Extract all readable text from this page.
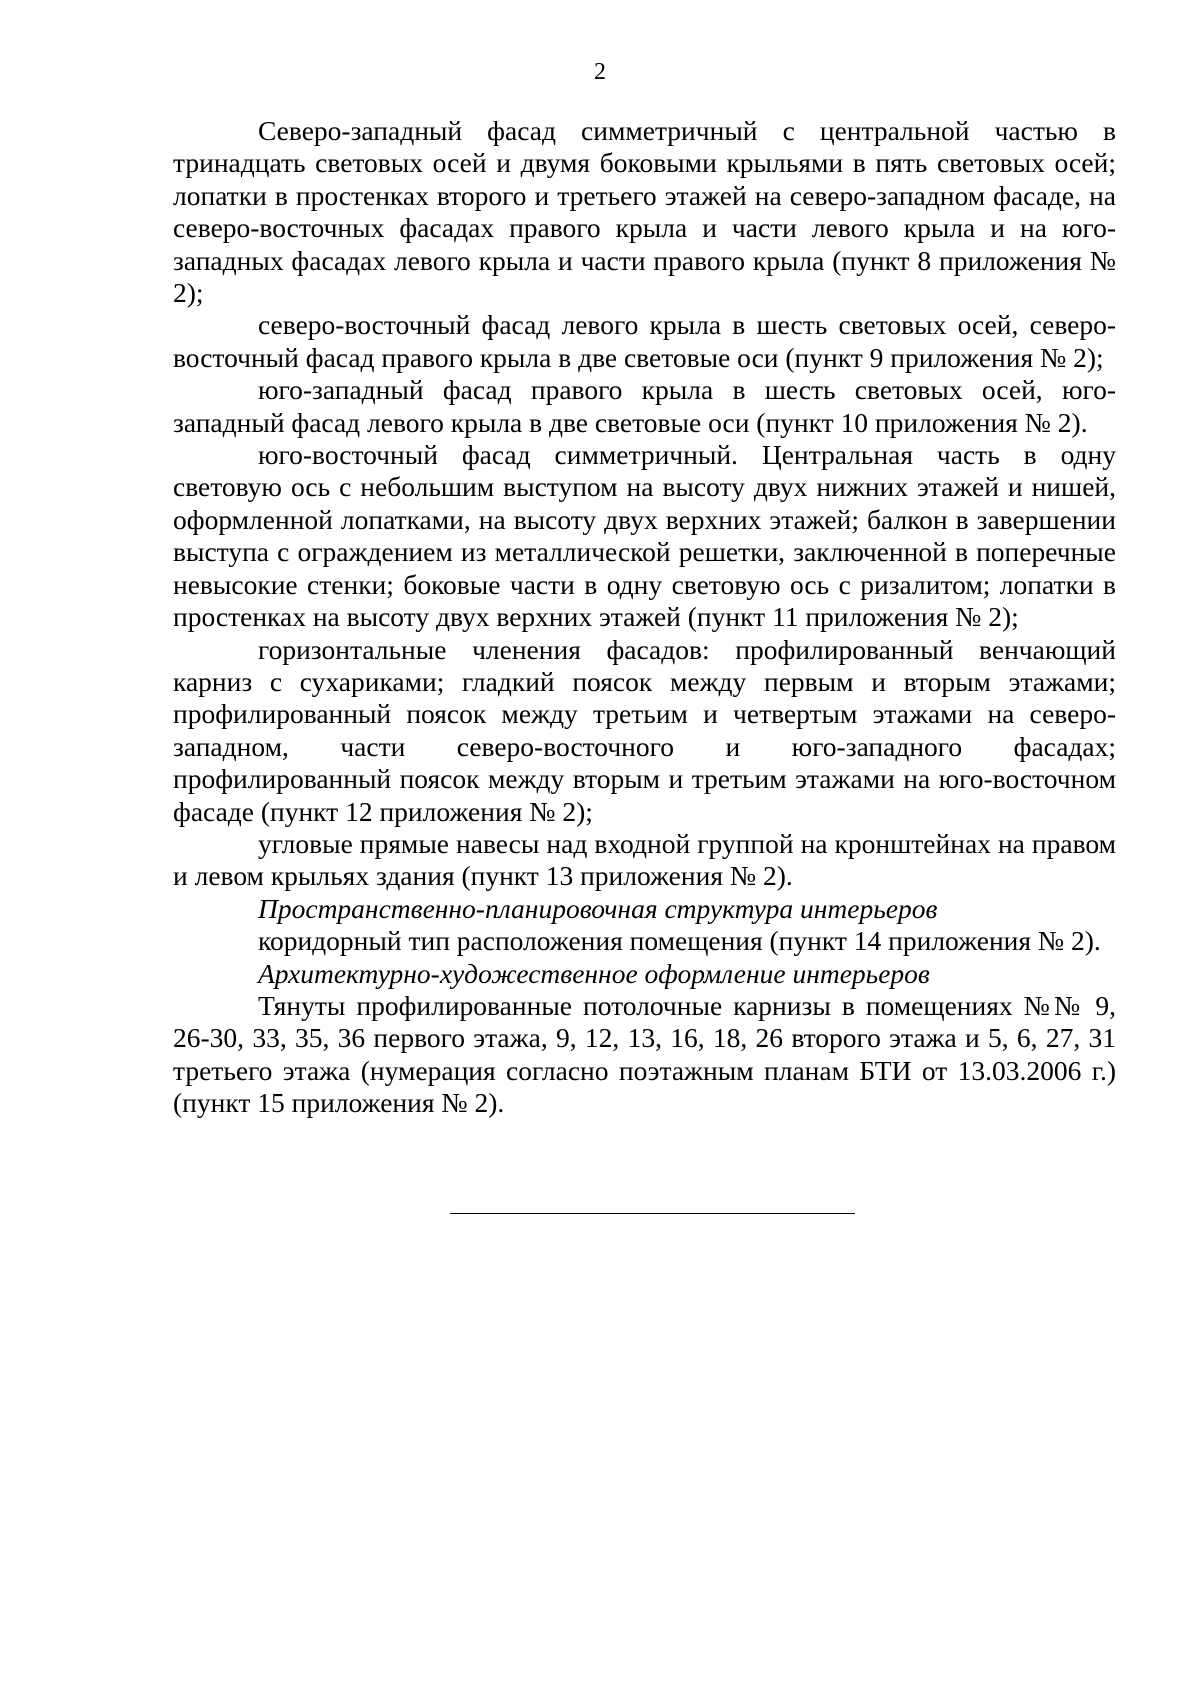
2

Северо-западный фасад симметричный с центральной частью в тринадцать световых осей и двумя боковыми крыльями в пять световых осей; лопатки в простенках второго и третьего этажей на северо-западном фасаде, на северо-восточных фасадах правого крыла и части левого крыла и на юго-западных фасадах левого крыла и части правого крыла (пункт 8 приложения № 2);

северо-восточный фасад левого крыла в шесть световых осей, северо-восточный фасад правого крыла в две световые оси (пункт 9 приложения № 2);

юго-западный фасад правого крыла в шесть световых осей, юго-западный фасад левого крыла в две световые оси (пункт 10 приложения № 2).

юго-восточный фасад симметричный. Центральная часть в одну световую ось с небольшим выступом на высоту двух нижних этажей и нишей, оформленной лопатками, на высоту двух верхних этажей; балкон в завершении выступа с ограждением из металлической решетки, заключенной в поперечные невысокие стенки; боковые части в одну световую ось с ризалитом; лопатки в простенках на высоту двух верхних этажей (пункт 11 приложения № 2);

горизонтальные членения фасадов: профилированный венчающий карниз с сухариками; гладкий поясок между первым и вторым этажами; профилированный поясок между третьим и четвертым этажами на северо-западном, части северо-восточного и юго-западного фасадах; профилированный поясок между вторым и третьим этажами на юго-восточном фасаде (пункт 12 приложения № 2);

угловые прямые навесы над входной группой на кронштейнах на правом и левом крыльях здания (пункт 13 приложения № 2).

Пространственно-планировочная структура интерьеров

коридорный тип расположения помещения (пункт 14 приложения № 2).

Архитектурно-художественное оформление интерьеров

Тянуты профилированные потолочные карнизы в помещениях №№ 9, 26-30, 33, 35, 36 первого этажа, 9, 12, 13, 16, 18, 26 второго этажа и 5, 6, 27, 31 третьего этажа (нумерация согласно поэтажным планам БТИ от 13.03.2006 г.) (пункт 15 приложения № 2).
